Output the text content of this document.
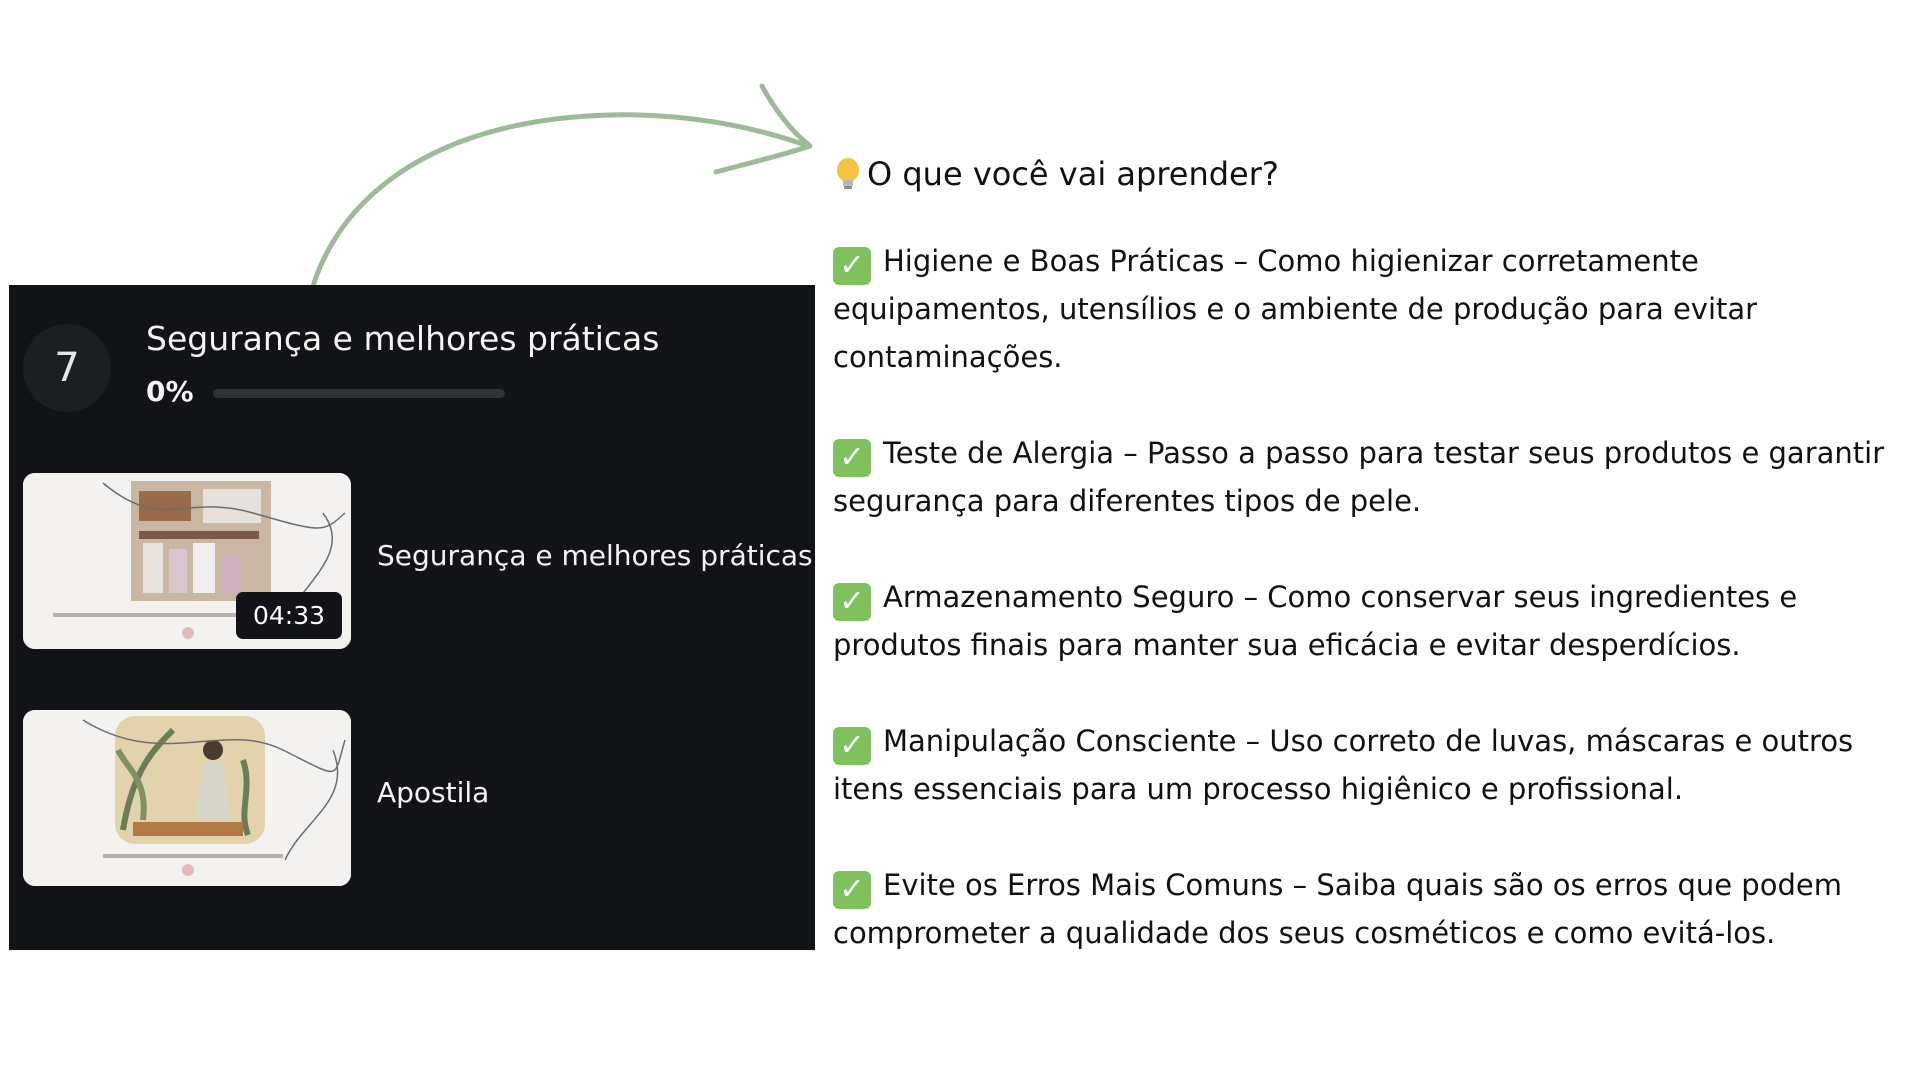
7
Segurança e melhores práticas
0%
04:33
Segurança e melhores práticas
Apostila
O que você vai aprender?
✓ Higiene e Boas Práticas – Como higienizar corretamente equipamentos, utensílios e o ambiente de produção para evitar contaminações.
✓ Teste de Alergia – Passo a passo para testar seus produtos e garantir segurança para diferentes tipos de pele.
✓ Armazenamento Seguro – Como conservar seus ingredientes e produtos finais para manter sua eficácia e evitar desperdícios.
✓ Manipulação Consciente – Uso correto de luvas, máscaras e outros itens essenciais para um processo higiênico e profissional.
✓ Evite os Erros Mais Comuns – Saiba quais são os erros que podem comprometer a qualidade dos seus cosméticos e como evitá-los.
